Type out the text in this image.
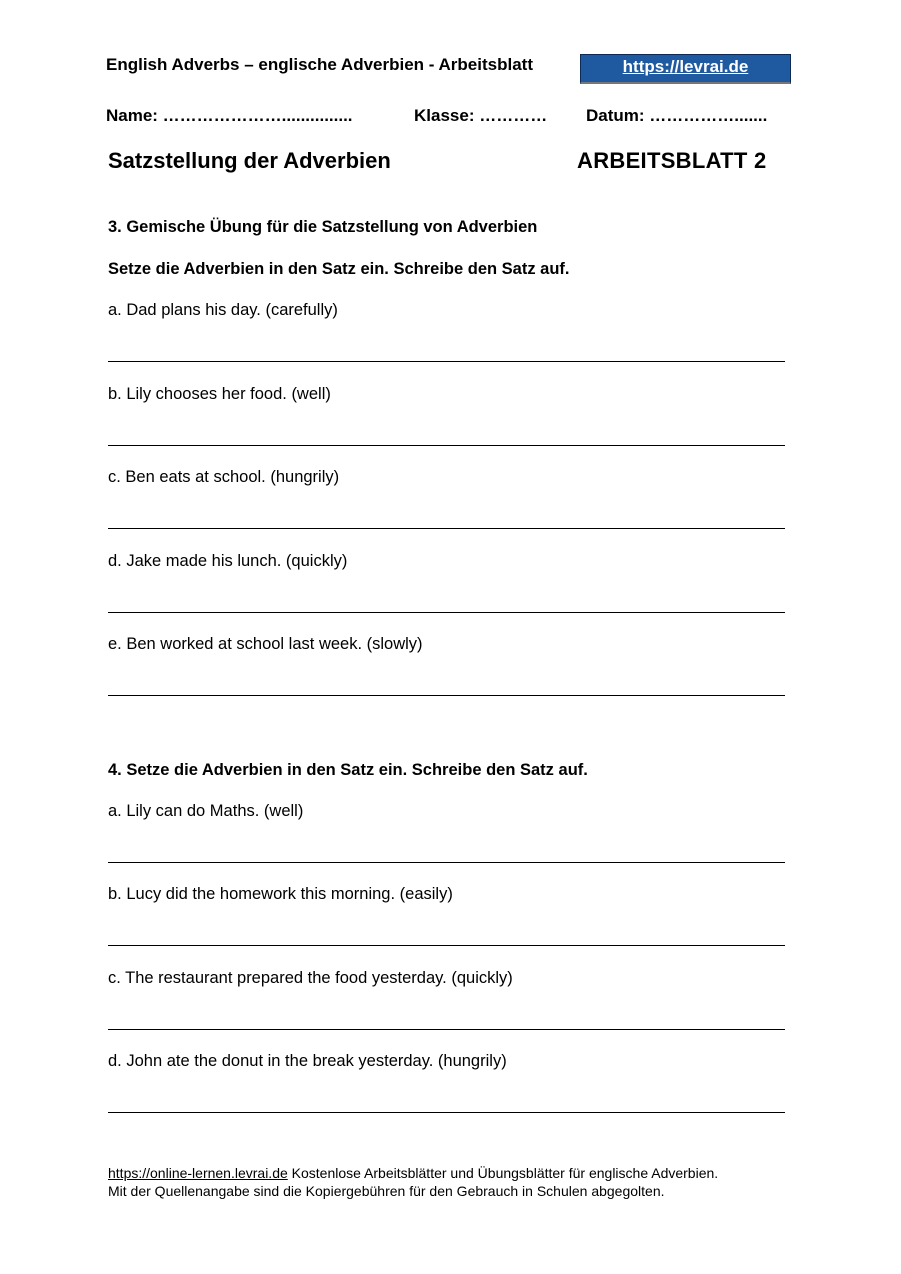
English Adverbs – englische Adverbien - Arbeitsblatt	https://levrai.de
Name: …………………...............	Klasse: ………… Datum: …………….......
Satzstellung der Adverbien	ARBEITSBLATT 2
3. Gemische Übung für die Satzstellung von Adverbien
Setze die Adverbien in den Satz ein. Schreibe den Satz auf.
a. Dad plans his day. (carefully)
b. Lily chooses her food. (well)
c. Ben eats at school. (hungrily)
d. Jake made his lunch. (quickly)
e. Ben worked at school last week. (slowly)
4. Setze die Adverbien in den Satz ein. Schreibe den Satz auf.
a. Lily can do Maths. (well)
b. Lucy did the homework this morning. (easily)
c. The restaurant prepared the food yesterday. (quickly)
d. John ate the donut in the break yesterday. (hungrily)
https://online-lernen.levrai.de Kostenlose Arbeitsblätter und Übungsblätter für englische Adverbien.
Mit der Quellenangabe sind die Kopiergebühren für den Gebrauch in Schulen abgegolten.
